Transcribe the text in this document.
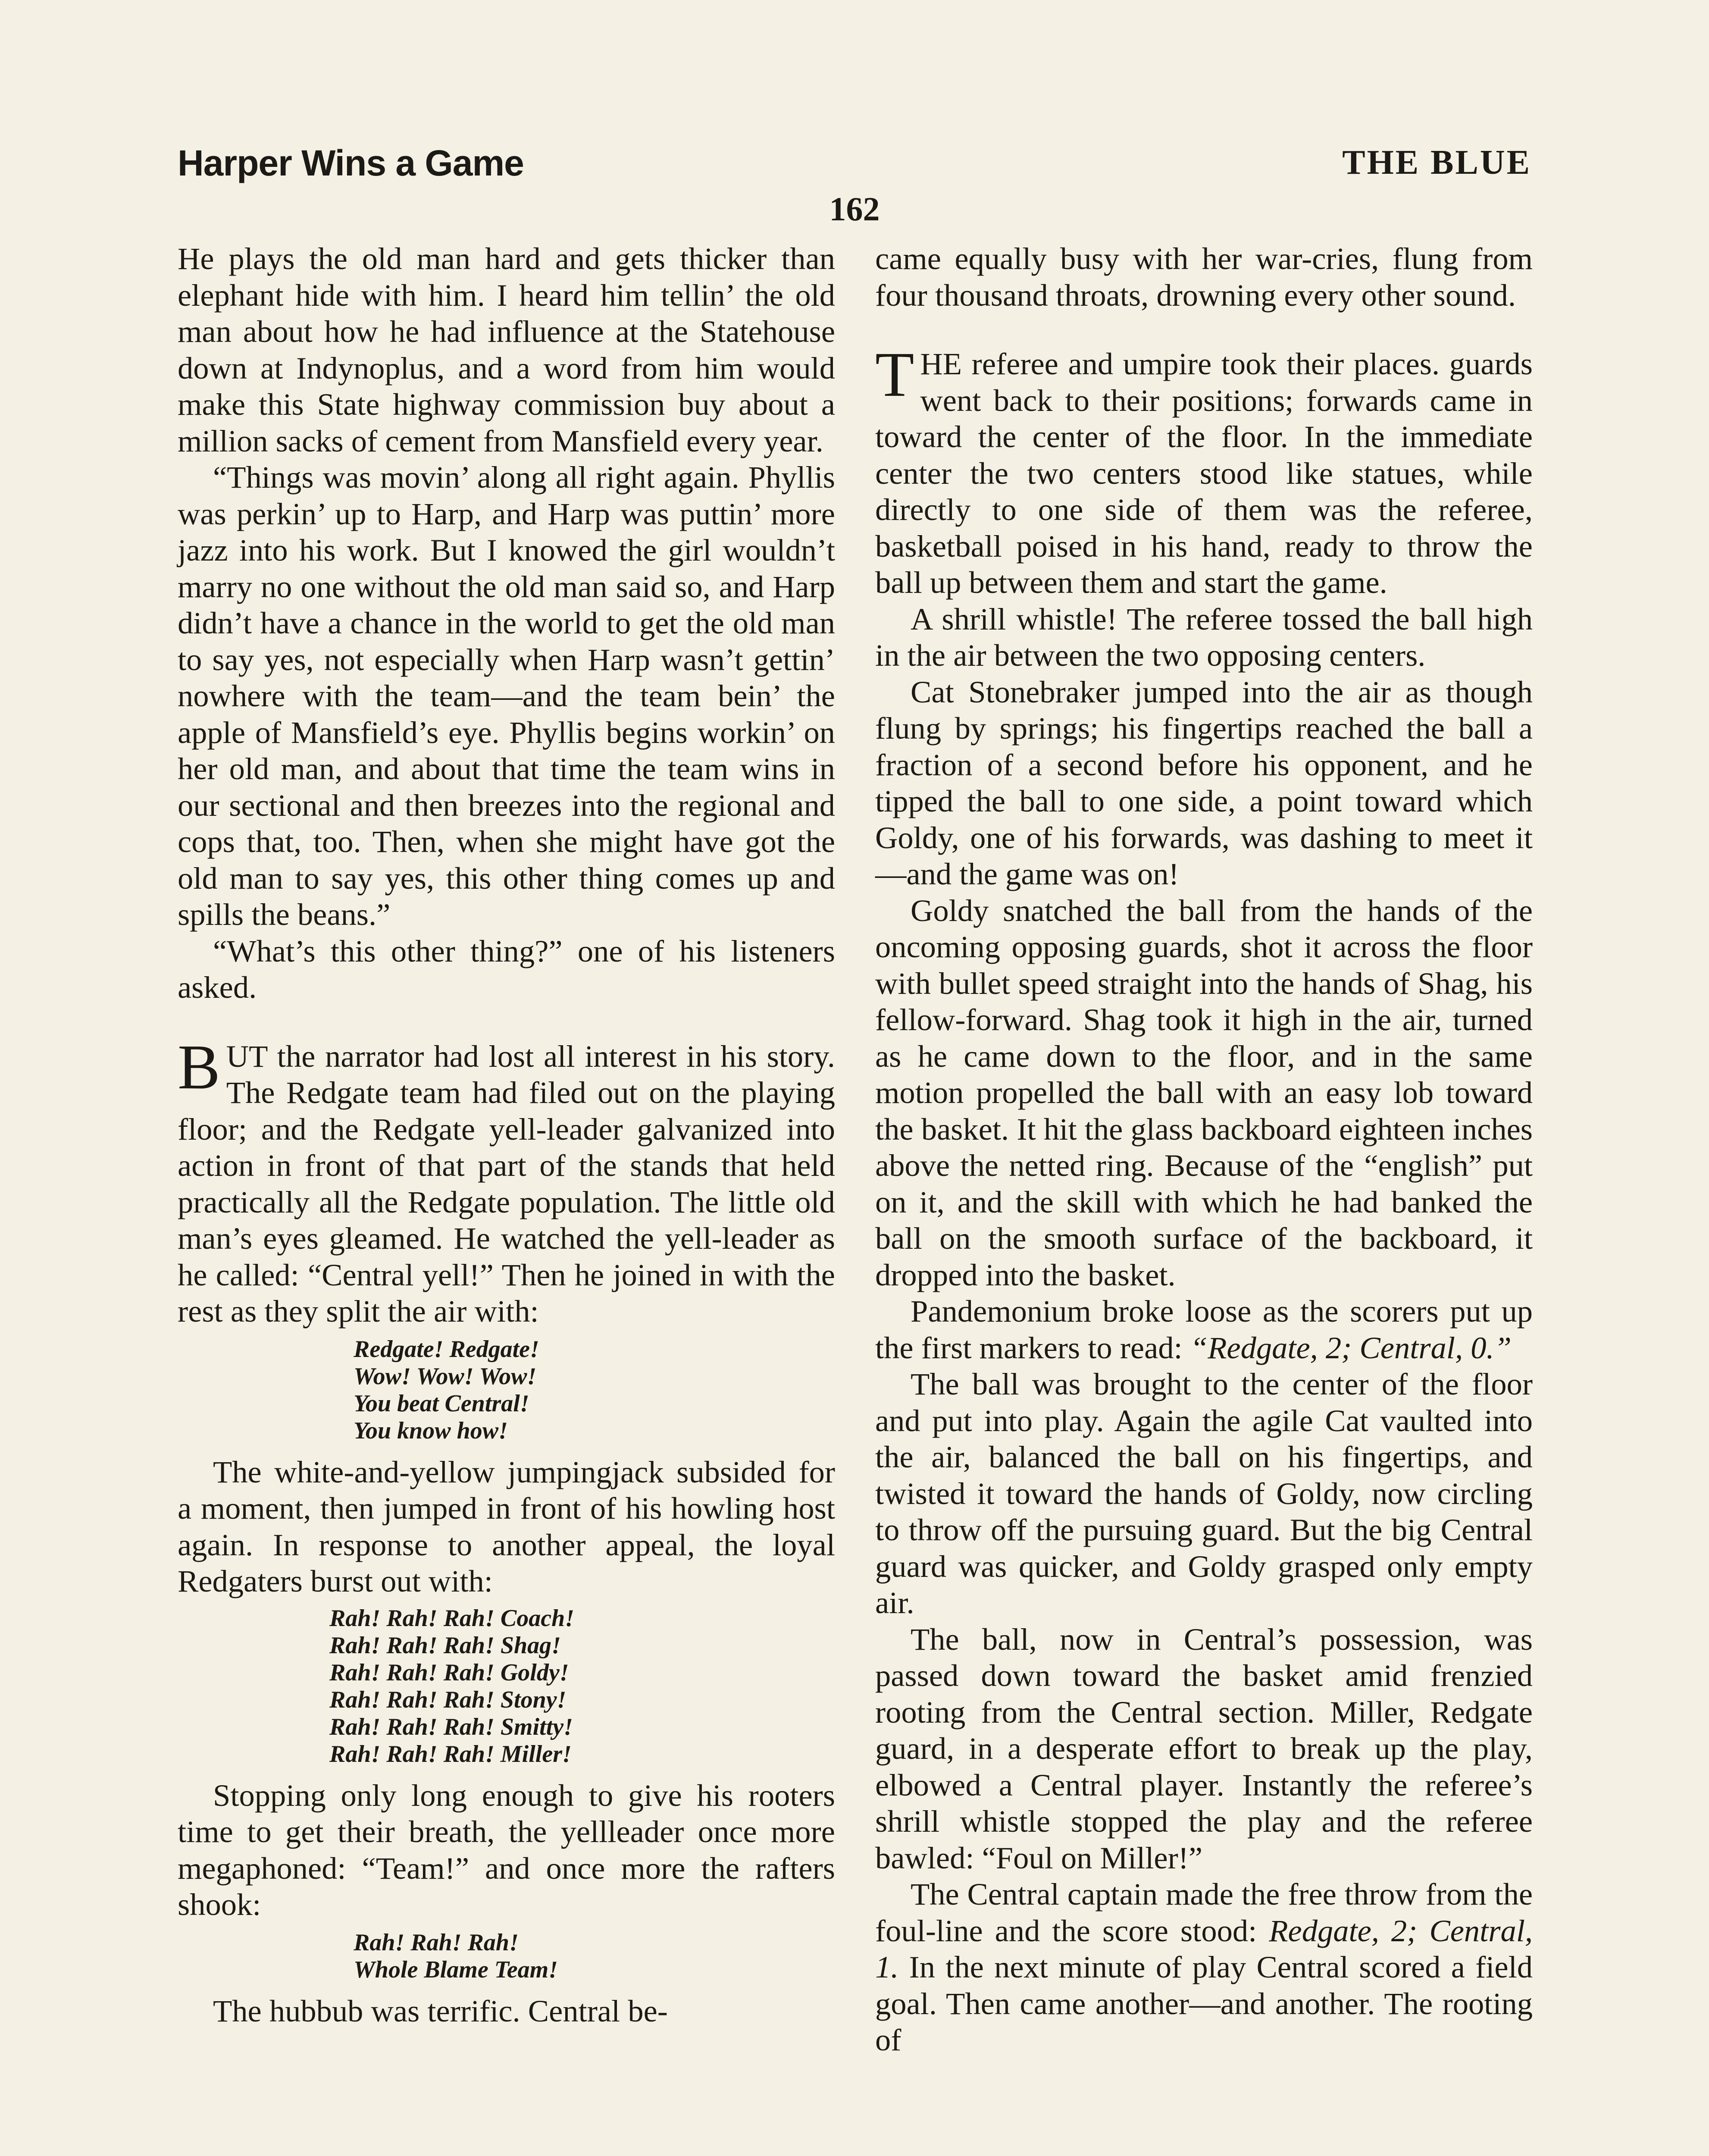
Harper Wins a Game	THE BLUE
162

He plays the old man hard and gets thicker than elephant hide with him. I heard him tellin’ the old man about how he had influence at the Statehouse down at Indynoplus, and a word from him would make this State highway commission buy about a million sacks of cement from Mansfield every year.

“Things was movin’ along all right again. Phyllis was perkin’ up to Harp, and Harp was puttin’ more jazz into his work. But I knowed the girl wouldn’t marry no one without the old man said so, and Harp didn’t have a chance in the world to get the old man to say yes, not especially when Harp wasn’t gettin’ nowhere with the team—and the team bein’ the apple of Mansfield’s eye. Phyllis begins workin’ on her old man, and about that time the team wins in our sectional and then breezes into the regional and cops that, too. Then, when she might have got the old man to say yes, this other thing comes up and spills the beans.”

“What’s this other thing?” one of his listeners asked.

BUT the narrator had lost all interest in his story. The Redgate team had filed out on the playing floor; and the Redgate yell-leader galvanized into action in front of that part of the stands that held practically all the Redgate population. The little old man’s eyes gleamed. He watched the yell-leader as he called: “Central yell!” Then he joined in with the rest as they split the air with:

Redgate! Redgate!
Wow! Wow! Wow!
You beat Central!
You know how!

The white-and-yellow jumpingjack subsided for a moment, then jumped in front of his howling host again. In response to another appeal, the loyal Redgaters burst out with:

Rah! Rah! Rah! Coach!
Rah! Rah! Rah! Shag!
Rah! Rah! Rah! Goldy!
Rah! Rah! Rah! Stony!
Rah! Rah! Rah! Smitty!
Rah! Rah! Rah! Miller!

Stopping only long enough to give his rooters time to get their breath, the yellleader once more megaphoned: “Team!” and once more the rafters shook:

Rah! Rah! Rah!
Whole Blame Team!

The hubbub was terrific. Central be-

came equally busy with her war-cries, flung from four thousand throats, drowning every other sound.

THE referee and umpire took their places. guards went back to their positions; forwards came in toward the center of the floor. In the immediate center the two centers stood like statues, while directly to one side of them was the referee, basketball poised in his hand, ready to throw the ball up between them and start the game.

A shrill whistle! The referee tossed the ball high in the air between the two opposing centers.

Cat Stonebraker jumped into the air as though flung by springs; his fingertips reached the ball a fraction of a second before his opponent, and he tipped the ball to one side, a point toward which Goldy, one of his forwards, was dashing to meet it—and the game was on!

Goldy snatched the ball from the hands of the oncoming opposing guards, shot it across the floor with bullet speed straight into the hands of Shag, his fellow-forward. Shag took it high in the air, turned as he came down to the floor, and in the same motion propelled the ball with an easy lob toward the basket. It hit the glass backboard eighteen inches above the netted ring. Because of the “english” put on it, and the skill with which he had banked the ball on the smooth surface of the backboard, it dropped into the basket.

Pandemonium broke loose as the scorers put up the first markers to read: “Redgate, 2; Central, 0.”

The ball was brought to the center of the floor and put into play. Again the agile Cat vaulted into the air, balanced the ball on his fingertips, and twisted it toward the hands of Goldy, now circling to throw off the pursuing guard. But the big Central guard was quicker, and Goldy grasped only empty air.

The ball, now in Central’s possession, was passed down toward the basket amid frenzied rooting from the Central section. Miller, Redgate guard, in a desperate effort to break up the play, elbowed a Central player. Instantly the referee’s shrill whistle stopped the play and the referee bawled: “Foul on Miller!”

The Central captain made the free throw from the foul-line and the score stood: Redgate, 2; Central, 1. In the next minute of play Central scored a field goal. Then came another—and another. The rooting of
